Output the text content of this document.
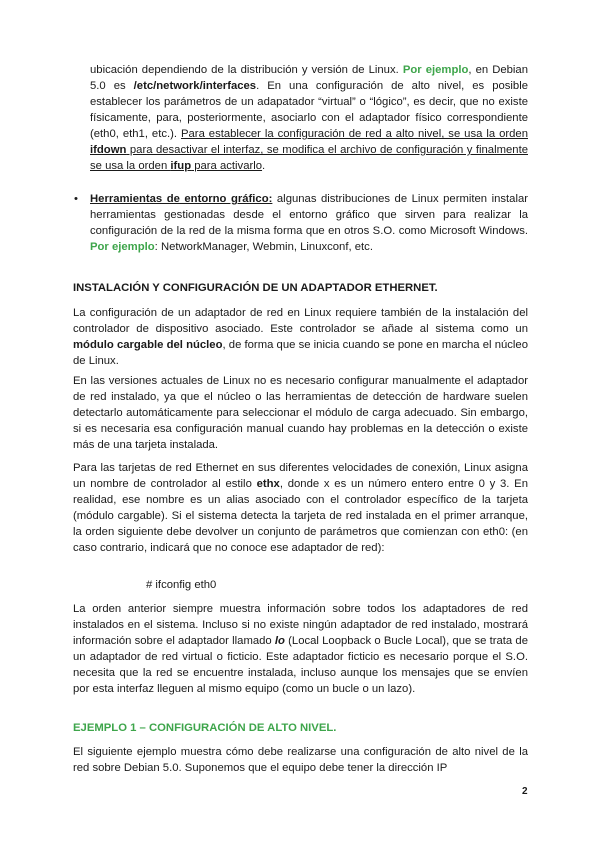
ubicación dependiendo de la distribución y versión de Linux. Por ejemplo, en Debian 5.0 es /etc/network/interfaces. En una configuración de alto nivel, es posible establecer los parámetros de un adapatador “virtual” o “lógico”, es decir, que no existe físicamente, para, posteriormente, asociarlo con el adaptador físico correspondiente (eth0, eth1, etc.). Para establecer la configuración de red a alto nivel, se usa la orden ifdown para desactivar el interfaz, se modifica el archivo de configuración y finalmente se usa la orden ifup para activarlo.

• Herramientas de entorno gráfico: algunas distribuciones de Linux permiten instalar herramientas gestionadas desde el entorno gráfico que sirven para realizar la configuración de la red de la misma forma que en otros S.O. como Microsoft Windows. Por ejemplo: NetworkManager, Webmin, Linuxconf, etc.

INSTALACIÓN Y CONFIGURACIÓN DE UN ADAPTADOR ETHERNET.

La configuración de un adaptador de red en Linux requiere también de la instalación del controlador de dispositivo asociado. Este controlador se añade al sistema como un módulo cargable del núcleo, de forma que se inicia cuando se pone en marcha el núcleo de Linux.

En las versiones actuales de Linux no es necesario configurar manualmente el adaptador de red instalado, ya que el núcleo o las herramientas de detección de hardware suelen detectarlo automáticamente para seleccionar el módulo de carga adecuado. Sin embargo, si es necesaria esa configuración manual cuando hay problemas en la detección o existe más de una tarjeta instalada.

Para las tarjetas de red Ethernet en sus diferentes velocidades de conexión, Linux asigna un nombre de controlador al estilo ethx, donde x es un número entero entre 0 y 3. En realidad, ese nombre es un alias asociado con el controlador específico de la tarjeta (módulo cargable). Si el sistema detecta la tarjeta de red instalada en el primer arranque, la orden siguiente debe devolver un conjunto de parámetros que comienzan con eth0: (en caso contrario, indicará que no conoce ese adaptador de red):

# ifconfig eth0

La orden anterior siempre muestra información sobre todos los adaptadores de red instalados en el sistema. Incluso si no existe ningún adaptador de red instalado, mostrará información sobre el adaptador llamado lo (Local Loopback o Bucle Local), que se trata de un adaptador de red virtual o ficticio. Este adaptador ficticio es necesario porque el S.O. necesita que la red se encuentre instalada, incluso aunque los mensajes que se envíen por esta interfaz lleguen al mismo equipo (como un bucle o un lazo).

EJEMPLO 1 – CONFIGURACIÓN DE ALTO NIVEL.

El siguiente ejemplo muestra cómo debe realizarse una configuración de alto nivel de la red sobre Debian 5.0. Suponemos que el equipo debe tener la dirección IP

2
